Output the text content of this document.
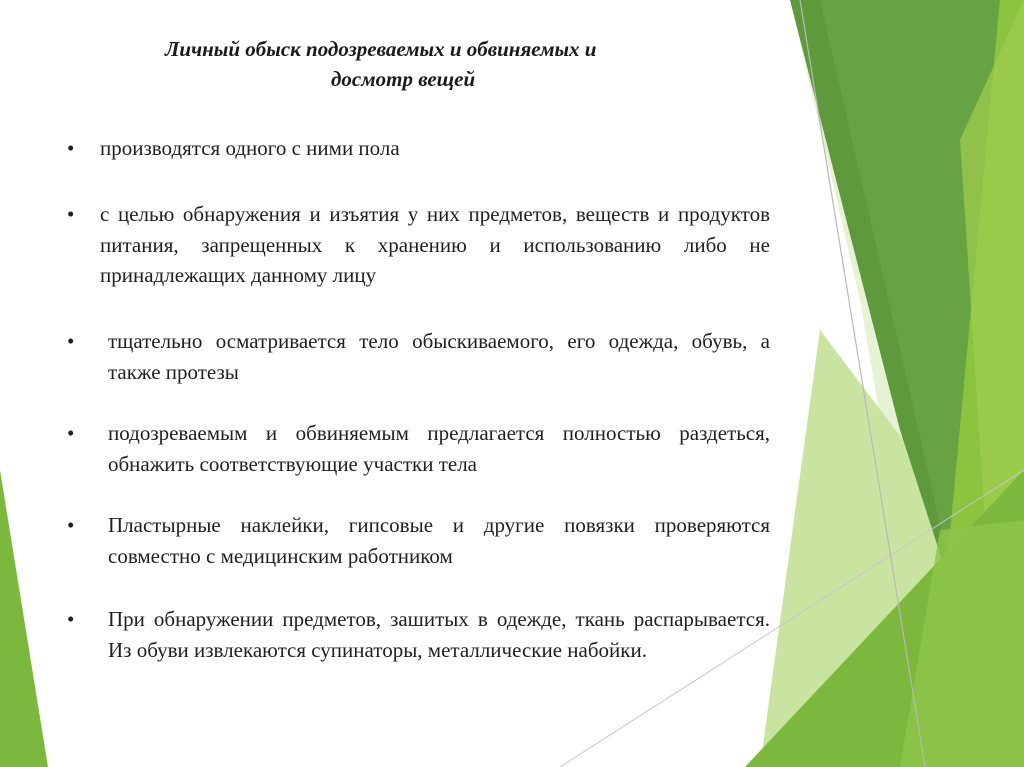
Личный обыск подозреваемых и обвиняемых и
досмотр вещей
• производятся одного с ними пола
• с целью обнаружения и изъятия у них предметов, веществ и продуктов питания, запрещенных к хранению и использованию либо не принадлежащих данному лицу
• тщательно осматривается тело обыскиваемого, его одежда, обувь, а также протезы
• подозреваемым и обвиняемым предлагается полностью раздеться, обнажить соответствующие участки тела
• Пластырные наклейки, гипсовые и другие повязки проверяются совместно с медицинским работником
• При обнаружении предметов, зашитых в одежде, ткань распарывается. Из обуви извлекаются супинаторы, металлические набойки.
